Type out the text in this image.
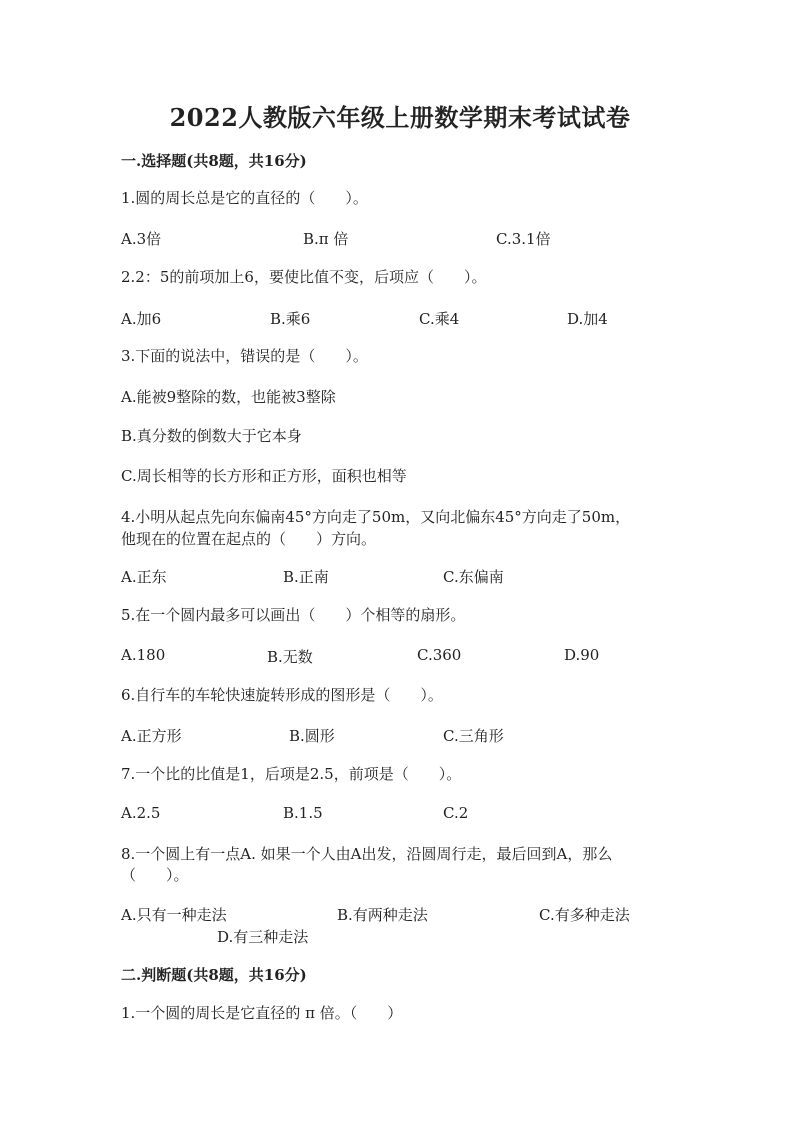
2022人教版六年级上册数学期末考试试卷
一.选择题(共8题，共16分)
1.圆的周长总是它的直径的（　　）。
A.3倍	B.π 倍	C.3.1倍
2.2：5的前项加上6，要使比值不变，后项应（　　）。
A.加6	B.乘6	C.乘4	D.加4
3.下面的说法中，错误的是（　　）。
A.能被9整除的数，也能被3整除
B.真分数的倒数大于它本身
C.周长相等的长方形和正方形，面积也相等
4.小明从起点先向东偏南45°方向走了50m，又向北偏东45°方向走了50m，
他现在的位置在起点的（　　）方向。
A.正东	B.正南	C.东偏南
5.在一个圆内最多可以画出（　　）个相等的扇形。
A.180	B.无数	C.360	D.90
6.自行车的车轮快速旋转形成的图形是（　　）。
A.正方形	B.圆形	C.三角形
7.一个比的比值是1，后项是2.5，前项是（　　）。
A.2.5	B.1.5	C.2
8.一个圆上有一点A. 如果一个人由A出发，沿圆周行走，最后回到A，那么
（　　）。
A.只有一种走法	B.有两种走法	C.有多种走法
D.有三种走法
二.判断题(共8题，共16分)
1.一个圆的周长是它直径的 π 倍。（　　）
